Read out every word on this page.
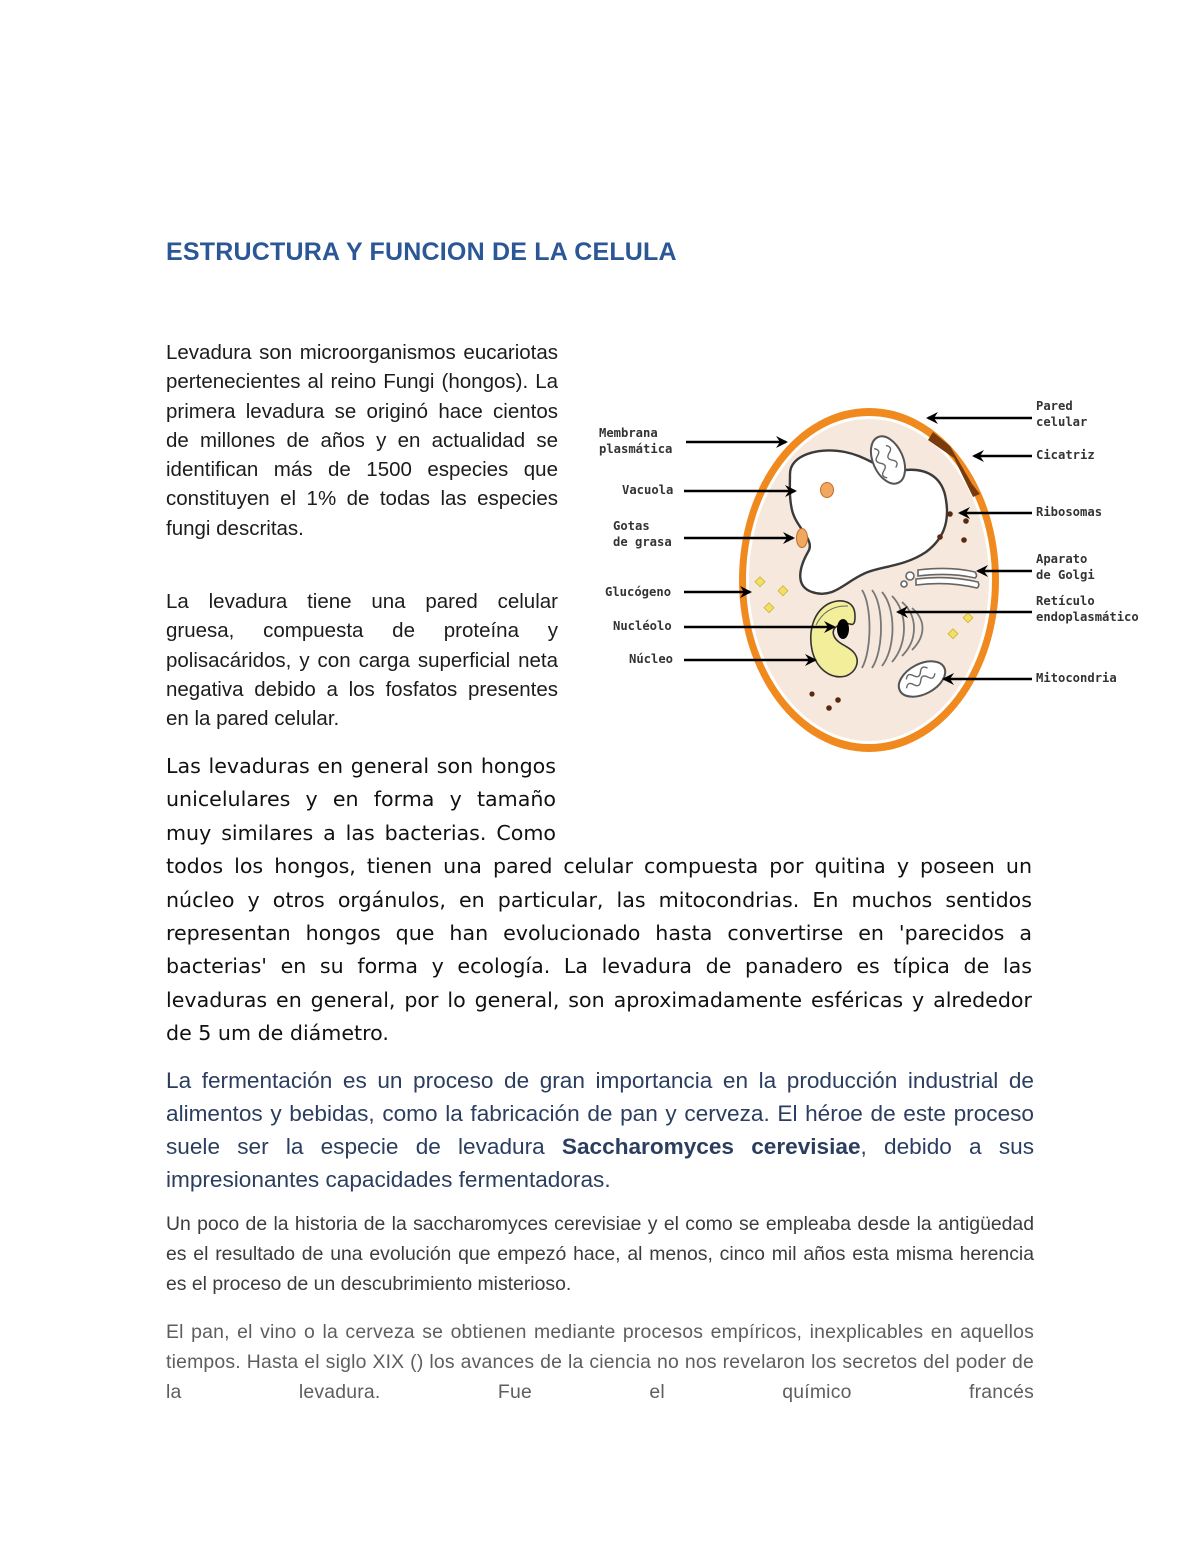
ESTRUCTURA Y FUNCION DE LA CELULA

Levadura son microorganismos eucariotas pertenecientes al reino Fungi (hongos). La primera levadura se originó hace cientos de millones de años y en actualidad se identifican más de 1500 especies que constituyen el 1% de todas las especies fungi descritas.

La levadura tiene una pared celular gruesa, compuesta de proteína y polisacáridos, y con carga superficial neta negativa debido a los fosfatos presentes en la pared celular.

Membrana
plasmática
Vacuola
Gotas
de grasa
Glucógeno
Nucléolo
Núcleo
Pared
celular
Cicatriz
Ribosomas
Aparato
de Golgi
Retículo
endoplasmático
Mitocondria

Las levaduras en general son hongos unicelulares y en forma y tamaño muy similares a las bacterias. Como todos los hongos, tienen una pared celular compuesta por quitina y poseen un núcleo y otros orgánulos, en particular, las mitocondrias. En muchos sentidos representan hongos que han evolucionado hasta convertirse en 'parecidos a bacterias' en su forma y ecología. La levadura de panadero es típica de las levaduras en general, por lo general, son aproximadamente esféricas y alrededor de 5 um de diámetro.

La fermentación es un proceso de gran importancia en la producción industrial de alimentos y bebidas, como la fabricación de pan y cerveza. El héroe de este proceso suele ser la especie de levadura Saccharomyces cerevisiae, debido a sus impresionantes capacidades fermentadoras.

Un poco de la historia de la saccharomyces cerevisiae y el como se empleaba desde la antigüedad es el resultado de una evolución que empezó hace, al menos, cinco mil años esta misma herencia es el proceso de un descubrimiento misterioso.

El pan, el vino o la cerveza se obtienen mediante procesos empíricos, inexplicables en aquellos tiempos. Hasta el siglo XIX () los avances de la ciencia no nos revelaron los secretos del poder de la levadura. Fue el químico francés
